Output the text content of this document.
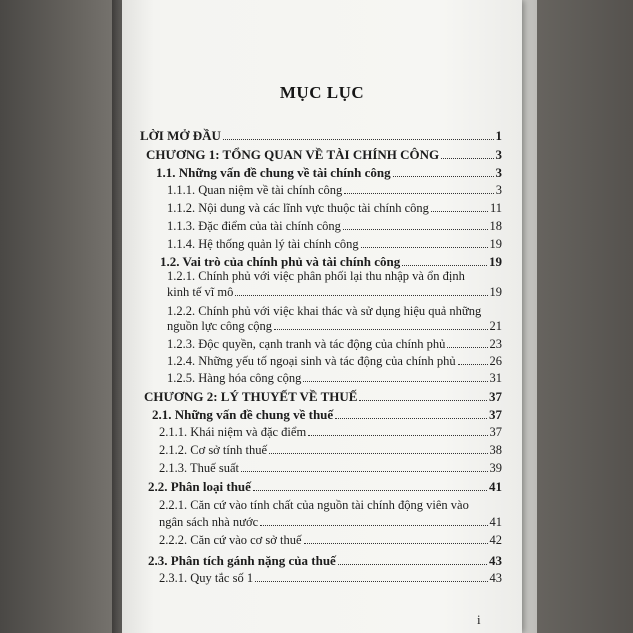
MỤC LỤC
LỜI MỞ ĐẦU	1
CHƯƠNG 1: TỔNG QUAN VỀ TÀI CHÍNH CÔNG	3
1.1. Những vấn đề chung về tài chính công	3
1.1.1. Quan niệm về tài chính công	3
1.1.2. Nội dung và các lĩnh vực thuộc tài chính công	11
1.1.3. Đặc điểm của tài chính công	18
1.1.4. Hệ thống quản lý tài chính công	19
1.2. Vai trò của chính phủ và tài chính công	19
1.2.1. Chính phủ với việc phân phối lại thu nhập và ổn định
kinh tế vĩ mô	19
1.2.2. Chính phủ với việc khai thác và sử dụng hiệu quả những
nguồn lực công cộng	21
1.2.3. Độc quyền, cạnh tranh và tác động của chính phủ	23
1.2.4. Những yếu tố ngoại sinh và tác động của chính phủ	26
1.2.5. Hàng hóa công cộng	31
CHƯƠNG 2: LÝ THUYẾT VỀ THUẾ	37
2.1. Những vấn đề chung về thuế	37
2.1.1. Khái niệm và đặc điểm	37
2.1.2. Cơ sở tính thuế	38
2.1.3. Thuế suất	39
2.2. Phân loại thuế	41
2.2.1. Căn cứ vào tính chất của nguồn tài chính động viên vào
ngân sách nhà nước	41
2.2.2. Căn cứ vào cơ sở thuế	42
2.3. Phân tích gánh nặng của thuế	43
2.3.1. Quy tắc số 1	43
i
